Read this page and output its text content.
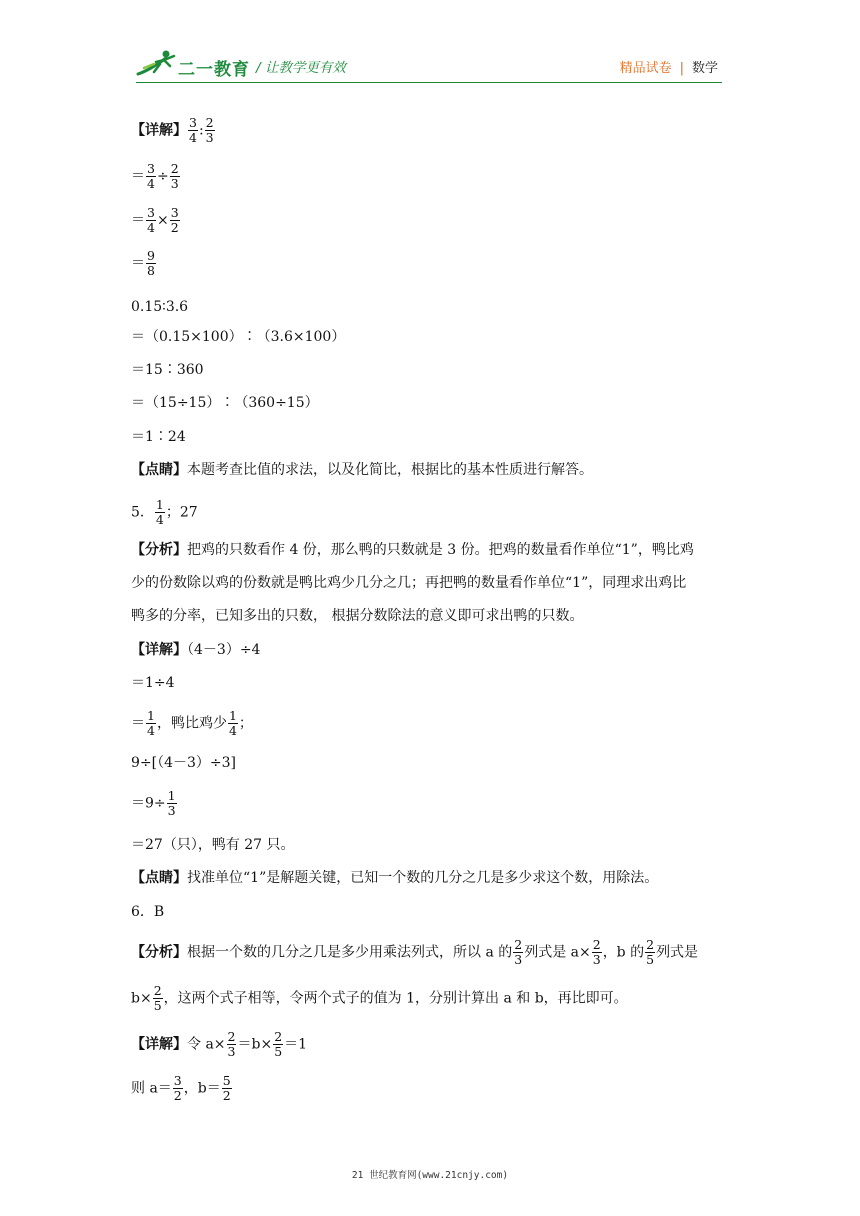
二一教育 / 让教学更有效	精品试卷 | 数学
【详解】 $\frac{3}{4}$ : $\frac{2}{3}$
＝ $\frac{3}{4} \div \frac{2}{3}$
＝ $\frac{3}{4} \times \frac{3}{2}$
＝ $\frac{9}{8}$
0.15∶3.6
＝（0.15×100）∶（3.6×100）
＝15∶360
＝（15÷15）∶（360÷15）
＝1∶24
【点睛】本题考查比值的求法，以及化简比，根据比的基本性质进行解答。
5． $\frac{1}{4}$ ；27
【分析】把鸡的只数看作 4 份，那么鸭的只数就是 3 份。把鸡的数量看作单位“1”，鸭比鸡
少的份数除以鸡的份数就是鸭比鸡少几分之几；再把鸭的数量看作单位“1”，同理求出鸡比
鸭多的分率，已知多出的只数， 根据分数除法的意义即可求出鸭的只数。
【详解】（4－3）÷4
＝1÷4
＝ $\frac{1}{4}$ ，鸭比鸡少 $\frac{1}{4}$ ；
9÷[（4－3）÷3]
$=9\div \frac{1}{3}$
＝27（只），鸭有 27 只。
【点睛】找准单位“1”是解题关键，已知一个数的几分之几是多少求这个数，用除法。
6．B
【分析】根据一个数的几分之几是多少用乘法列式，所以 a 的 $\frac{2}{3}$ 列式是 $a\times \frac{2}{3}$ ，b 的 $\frac{2}{5}$ 列式是
$b\times \frac{2}{5}$ ，这两个式子相等，令两个式子的值为 1，分别计算出 a 和 b，再比即可。
【详解】令 $a\times \frac{2}{3} =b\times \frac{2}{5} =1$
则 $a= \frac{3}{2}$ ，$b= \frac{5}{2}$
21 世纪教育网(www.21cnjy.com)
